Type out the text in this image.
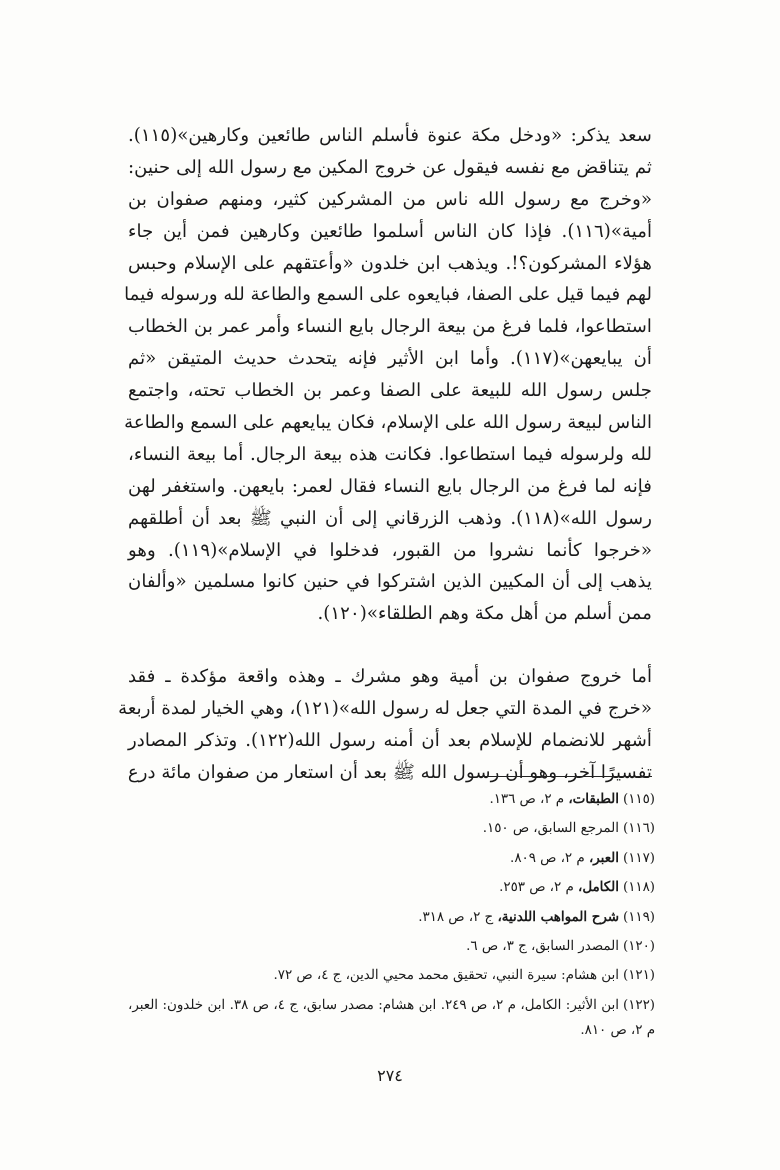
سعد يذكر: «ودخل مكة عنوة فأسلم الناس طائعين وكارهين»(١١٥).
ثم يتناقض مع نفسه فيقول عن خروج المكين مع رسول الله إلى حنين:
«وخرج مع رسول الله ناس من المشركين كثير، ومنهم صفوان بن
أمية»(١١٦). فإذا كان الناس أسلموا طائعين وكارهين فمن أين جاء
هؤلاء المشركون؟!. ويذهب ابن خلدون «وأعتقهم على الإسلام وحبس
لهم فيما قيل على الصفا، فبايعوه على السمع والطاعة لله ورسوله فيما
استطاعوا، فلما فرغ من بيعة الرجال بايع النساء وأمر عمر بن الخطاب
أن يبايعهن»(١١٧). وأما ابن الأثير فإنه يتحدث حديث المتيقن «ثم
جلس رسول الله للبيعة على الصفا وعمر بن الخطاب تحته، واجتمع
الناس لبيعة رسول الله على الإسلام، فكان يبايعهم على السمع والطاعة
لله ولرسوله فيما استطاعوا. فكانت هذه بيعة الرجال. أما بيعة النساء،
فإنه لما فرغ من الرجال بايع النساء فقال لعمر: بايعهن. واستغفر لهن
رسول الله»(١١٨). وذهب الزرقاني إلى أن النبي ﷺ بعد أن أطلقهم
«خرجوا كأنما نشروا من القبور، فدخلوا في الإسلام»(١١٩). وهو
يذهب إلى أن المكيين الذين اشتركوا في حنين كانوا مسلمين «وألفان
ممن أسلم من أهل مكة وهم الطلقاء»(١٢٠).
أما خروج صفوان بن أمية وهو مشرك ـ وهذه واقعة مؤكدة ـ فقد
«خرج في المدة التي جعل له رسول الله»(١٢١)، وهي الخيار لمدة أربعة
أشهر للانضمام للإسلام بعد أن أمنه رسول الله(١٢٢). وتذكر المصادر
تفسيرًا آخر، وهو أن رسول الله ﷺ بعد أن استعار من صفوان مائة درع
(١١٥)الطبقات، م ٢، ص ١٣٦.
(١١٦)المرجع السابق، ص ١٥٠.
(١١٧)العبر، م ٢، ص ٨٠٩.
(١١٨)الكامل، م ٢، ص ٢٥٣.
(١١٩)شرح المواهب اللدنية، ج ٢، ص ٣١٨.
(١٢٠)المصدر السابق، ج ٣، ص ٦.
(١٢١)ابن هشام: سيرة النبي، تحقيق محمد محيي الدين، ج ٤، ص ٧٢.
(١٢٢)ابن الأثير: الكامل، م ٢، ص ٢٤٩. ابن هشام: مصدر سابق، ج ٤، ص ٣٨. ابن خلدون: العبر، م ٢، ص ٨١٠.
٢٧٤
